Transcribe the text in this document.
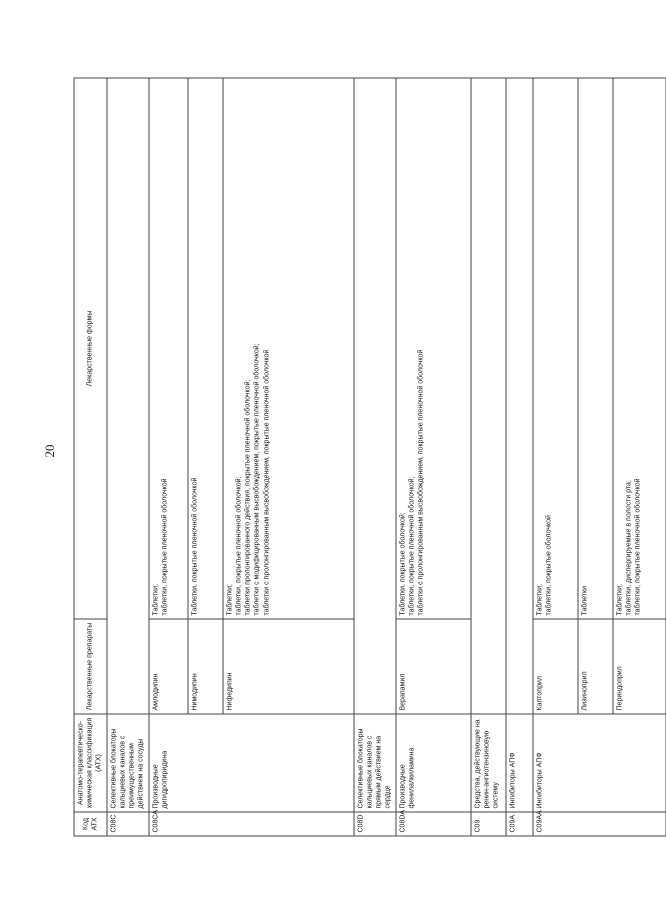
20
Код АТХ	Анатомо-терапевтическо-химическая классификация (АТХ)	Лекарственные препараты	Лекарственные формы
C08C	Селективные блокаторы кальциевых каналов с преимущественным действием на сосуды		
C08CA	Производные дигидропиридина	Амлодипин	Таблетки; таблетки, покрытые пленочной оболочкой

		Нимодипин	Таблетки, покрытые пленочной оболочкой

		Нифедипин	Таблетки; таблетки, покрытые пленочной оболочкой; таблетки пролонгированного действия, покрытые пленочной оболочкой; таблетки с модифицированным высвобождением, покрытые пленочной оболочкой; таблетки с пролонгированным высвобождением, покрытые пленочной оболочкой

C08D	Селективные блокаторы кальциевых каналов с прямым действием на сердце		
C08DA	Производные фенилалкиламина	Верапамил	Таблетки, покрытые оболочкой; таблетки, покрытые пленочной оболочкой; таблетки с пролонгированным высвобождением, покрытые пленочной оболочкой

C09	Средства, действующие на ренин-ангиотензиновую систему		
C09A	Ингибиторы АПФ		
C09AA	Ингибиторы АПФ	Каптоприл	Таблетки; таблетки, покрытые оболочкой

		Лизиноприл	Таблетки

		Периндоприл	Таблетки; таблетки, диспергируемые в полости рта; таблетки, покрытые пленочной оболочкой
